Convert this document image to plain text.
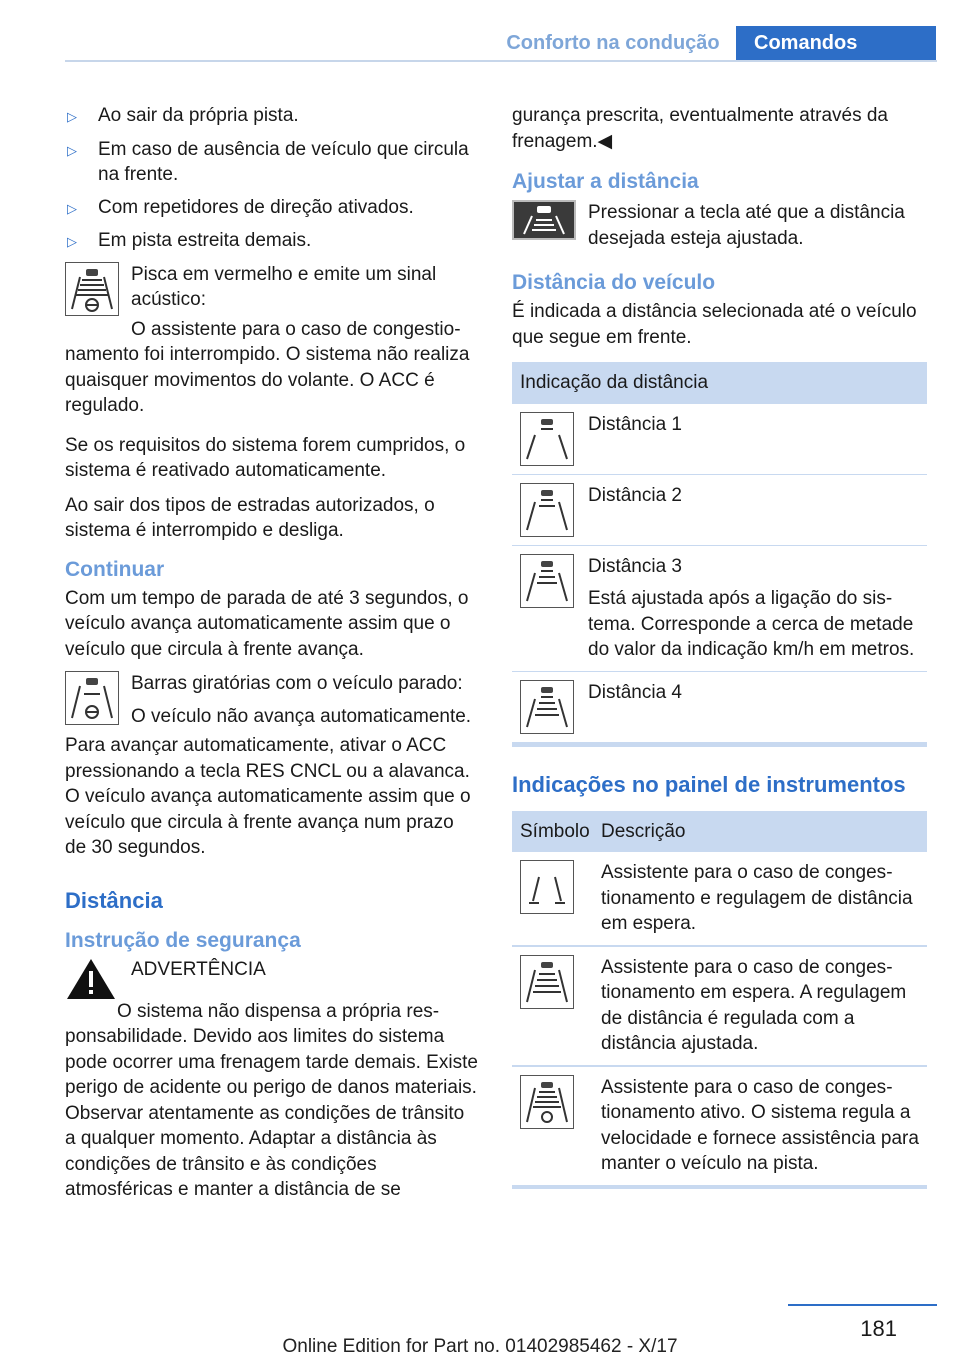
Conforto na condução	Comandos
▷	Ao sair da própria pista.
▷	Em caso de ausência de veículo que circula na frente.
▷	Com repetidores de direção ativados.
▷	Em pista estreita demais.
Pisca em vermelho e emite um sinal acústico:
O assistente para o caso de congestionamento foi interrompido. O sistema não realiza quaisquer movimentos do volante. O ACC é regulado.
Se os requisitos do sistema forem cumpridos, o sistema é reativado automaticamente.
Ao sair dos tipos de estradas autorizados, o sistema é interrompido e desliga.
Continuar
Com um tempo de parada de até 3 segundos, o veículo avança automaticamente assim que o veículo que circula à frente avança.
Barras giratórias com o veículo parado:
O veículo não avança automaticamente.
Para avançar automaticamente, ativar o ACC pressionando a tecla RES CNCL ou a alavanca. O veículo avança automaticamente assim que o veículo que circula à frente avança num prazo de 30 segundos.
Distância
Instrução de segurança
ADVERTÊNCIA
O sistema não dispensa a própria responsabilidade. Devido aos limites do sistema pode ocorrer uma frenagem tarde demais. Existe perigo de acidente ou perigo de danos materiais. Observar atentamente as condições de trânsito a qualquer momento. Adaptar a distância às condições de trânsito e às condições atmosféricas e manter a distância de se
gurança prescrita, eventualmente através da frenagem.◀
Ajustar a distância
Pressionar a tecla até que a distância desejada esteja ajustada.
Distância do veículo
É indicada a distância selecionada até o veículo que segue em frente.
Indicação da distância
Distância 1
Distância 2
Distância 3
Está ajustada após a ligação do sistema. Corresponde a cerca de metade do valor da indicação km/h em metros.
Distância 4
Indicações no painel de instrumentos
Símbolo Descrição
Assistente para o caso de congestionamento e regulagem de distância em espera.
Assistente para o caso de congestionamento em espera. A regulagem de distância é regulada com a distância ajustada.
Assistente para o caso de congestionamento ativo. O sistema regula a velocidade e fornece assistência para manter o veículo na pista.
181
Online Edition for Part no. 01402985462 - X/17
